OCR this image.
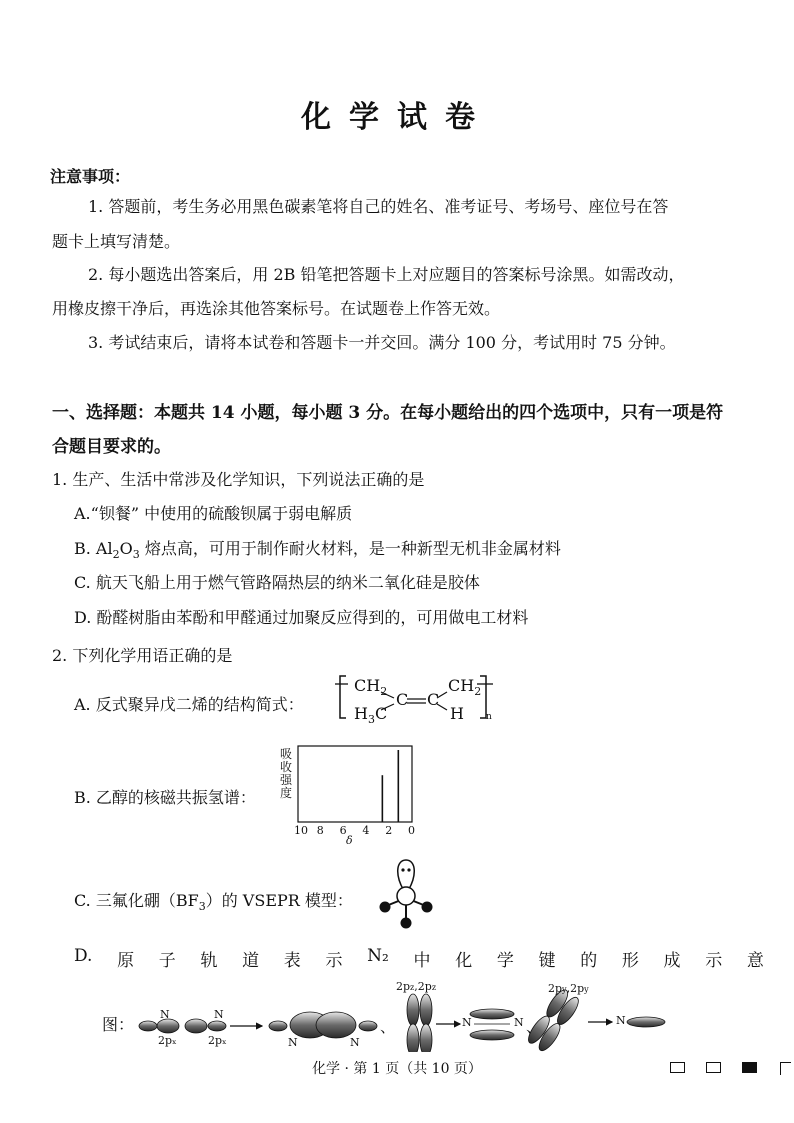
化学试卷
注意事项：
1. 答题前，考生务必用黑色碳素笔将自己的姓名、准考证号、考场号、座位号在答
题卡上填写清楚。
2. 每小题选出答案后，用 2B 铅笔把答题卡上对应题目的答案标号涂黑。如需改动，
用橡皮擦干净后，再选涂其他答案标号。在试题卷上作答无效。
3. 考试结束后，请将本试卷和答题卡一并交回。满分 100 分，考试用时 75 分钟。
一、选择题：本题共 14 小题，每小题 3 分。在每小题给出的四个选项中，只有一项是符
合题目要求的。
1. 生产、生活中常涉及化学知识，下列说法正确的是
A.“钡餐” 中使用的硫酸钡属于弱电解质
B. $Al_2O_3$ 熔点高，可用于制作耐火材料，是一种新型无机非金属材料
C. 航天飞船上用于燃气管路隔热层的纳米二氧化硅是胶体
D. 酚醛树脂由苯酚和甲醛通过加聚反应得到的，可用做电工材料
2. 下列化学用语正确的是
A. 反式聚异戊二烯的结构简式：
$CH_2$
$H_3C$
C C
$CH_2$
H n
B. 乙醇的核磁共振氢谱：
吸收强度
10 8 6 4 2 0
δ
C. 三氟化硼$(BF_3)$的 VSEPR 模型：
D. 原 子 轨 道 表 示 N₂ 中 化 学 键 的 形 成 示 意
图：
N	N
2pₓ	2pₓ	N	N
、
2pz,2pz
N	N 、
2py,2py
N
化学 · 第 1 页（共 10 页）
